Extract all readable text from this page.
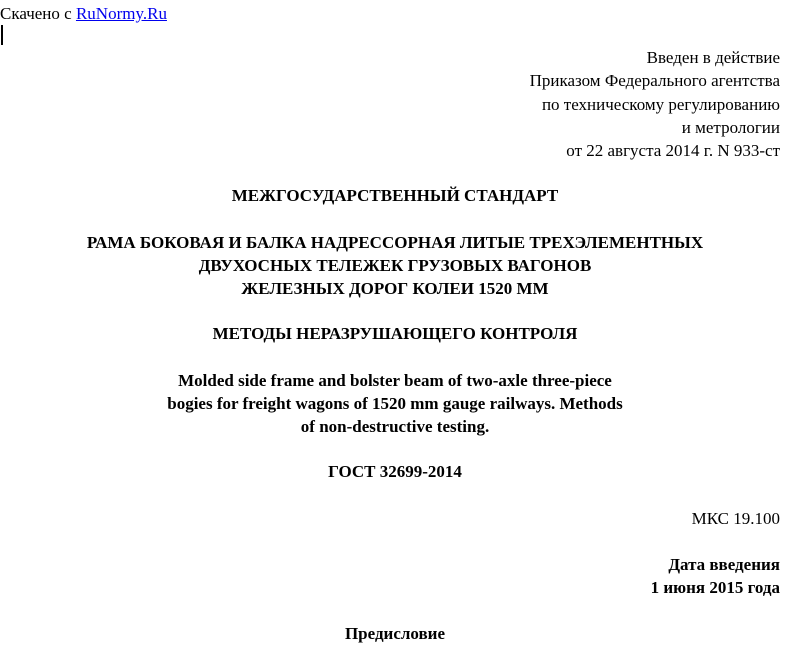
Скачено с RuNormy.Ru
Введен в действие
Приказом Федерального агентства
по техническому регулированию
и метрологии
от 22 августа 2014 г. N 933-ст
МЕЖГОСУДАРСТВЕННЫЙ СТАНДАРТ
РАМА БОКОВАЯ И БАЛКА НАДРЕССОРНАЯ ЛИТЫЕ ТРЕХЭЛЕМЕНТНЫХ
ДВУХОСНЫХ ТЕЛЕЖЕК ГРУЗОВЫХ ВАГОНОВ
ЖЕЛЕЗНЫХ ДОРОГ КОЛЕИ 1520 ММ
МЕТОДЫ НЕРАЗРУШАЮЩЕГО КОНТРОЛЯ
Molded side frame and bolster beam of two-axle three-piece
bogies for freight wagons of 1520 mm gauge railways. Methods
of non-destructive testing.
ГОСТ 32699-2014
МКС 19.100
Дата введения
1 июня 2015 года
Предисловие
